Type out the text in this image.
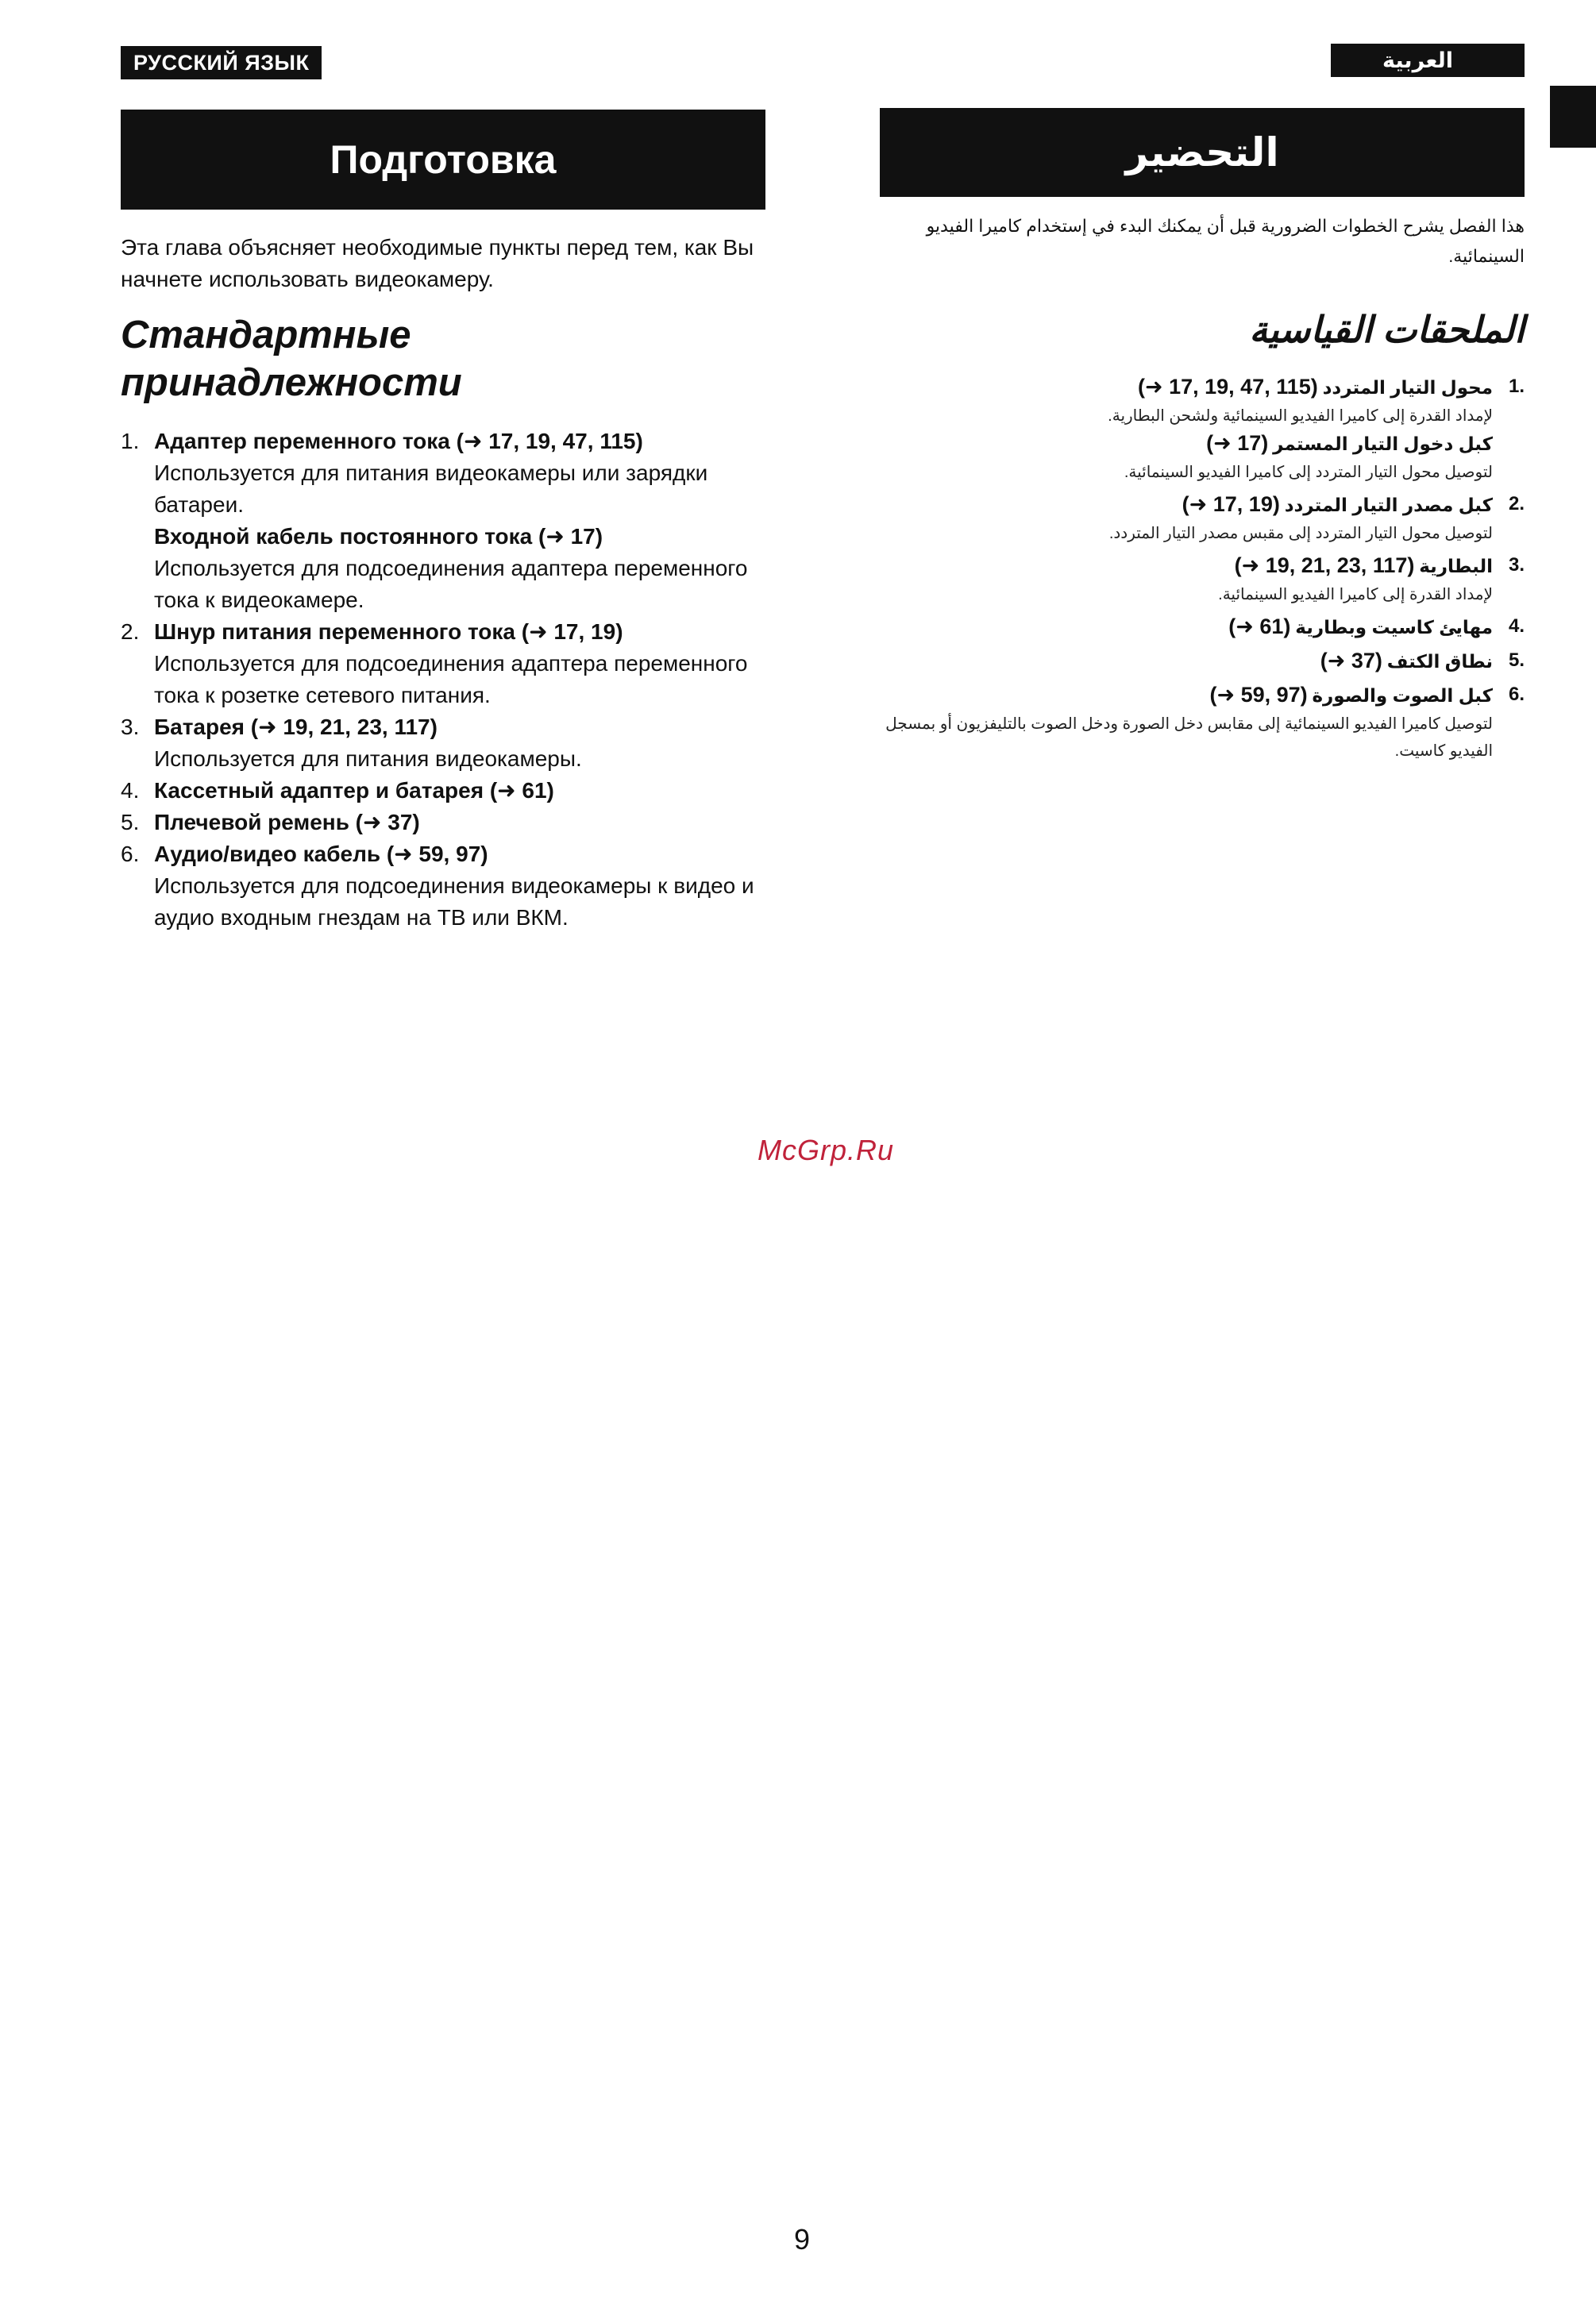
РУССКИЙ ЯЗЫК	العربية
Подготовка
Эта глава объясняет необходимые пункты перед тем, как Вы начнете использовать видеокамеру.
Стандартные принадлежности
1. Адаптер переменного тока (➜ 17, 19, 47, 115)

Используется для питания видеокамеры или зарядки батареи.

Входной кабель постоянного тока (➜ 17)

Используется для подсоединения адаптера переменного тока к видеокамере.

2. Шнур питания переменного тока (➜ 17, 19)

Используется для подсоединения адаптера переменного тока к розетке сетевого питания.

3. Батарея (➜ 19, 21, 23, 117)

Используется для питания видеокамеры.

4. Кассетный адаптер и батарея (➜ 61)

5. Плечевой ремень (➜ 37)

6. Аудио/видео кабель (➜ 59, 97)

Используется для подсоединения видеокамеры к видео и аудио входным гнездам на ТВ или ВКМ.

التحضير
هذا الفصل يشرح الخطوات الضرورية قبل أن يمكنك البدء في إستخدام كاميرا الفيديو السينمائية.
الملحقات القياسية
.1

محول التيار المتردد (➜ 17, 19, 47, 115)

لإمداد القدرة إلى كاميرا الفيديو السينمائية ولشحن البطارية.

كبل دخول التيار المستمر (➜ 17)

لتوصيل محول التيار المتردد إلى كاميرا الفيديو السينمائية.

.2

كبل مصدر التيار المتردد (➜ 17, 19)

لتوصيل محول التيار المتردد إلى مقبس مصدر التيار المتردد.

.3

البطارية (➜ 19, 21, 23, 117)

لإمداد القدرة إلى كاميرا الفيديو السينمائية.

.4

مهايئ كاسيت وبطارية (➜ 61)

.5

نطاق الكتف (➜ 37)

.6

كبل الصوت والصورة (➜ 59, 97)

لتوصيل كاميرا الفيديو السينمائية إلى مقابس دخل الصورة ودخل الصوت بالتليفزيون أو بمسجل الفيديو كاسيت.

McGrp.Ru
9
